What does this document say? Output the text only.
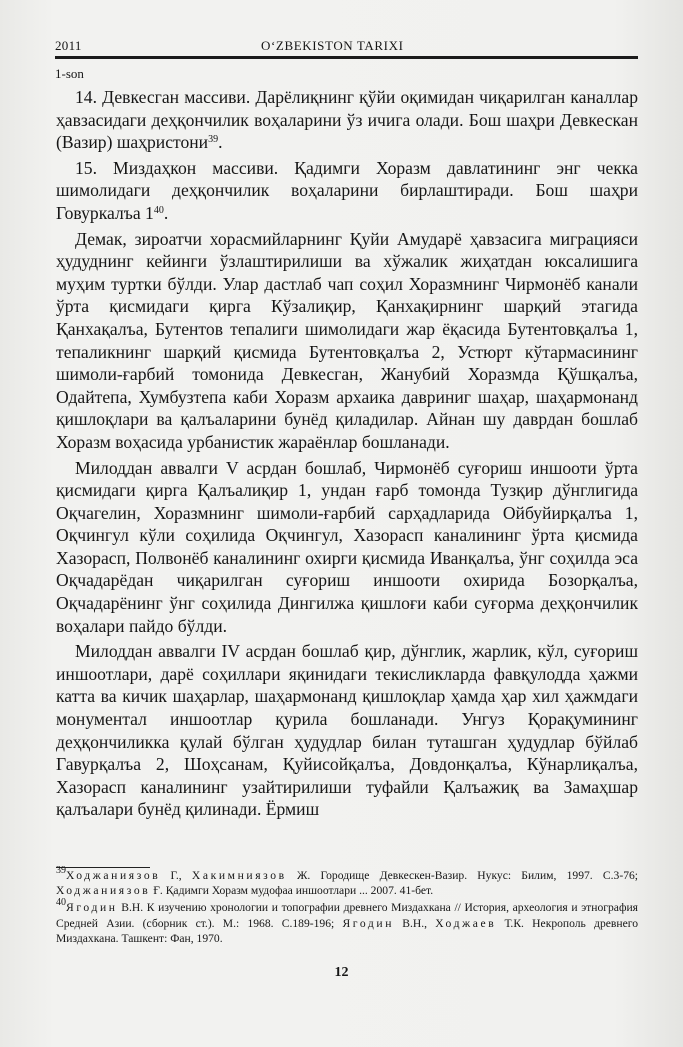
2011	O‘ZBEKISTON TARIXI
1-son

14. Девкесган массиви. Дарёлиқнинг қўйи оқимидан чиқарилган каналлар ҳавзасидаги деҳқончилик воҳаларини ўз ичига олади. Бош шаҳри Девкескан (Вазир) шаҳристони$^{39}$.

15. Миздаҳкон массиви. Қадимги Хоразм давлатининг энг чекка шимолидаги деҳқончилик воҳаларини бирлаштиради. Бош шаҳри Говуркалъа $1^{40}$.

Демак, зироатчи хорасмийларнинг Қуйи Амударё ҳавзасига миграцияси ҳудуднинг кейинги ўзлаштирилиши ва хўжалик жиҳатдан юксалишига муҳим туртки бўлди. Улар дастлаб чап соҳил Хоразмнинг Чирмонёб канали ўрта қисмидаги қирга Кўзалиқир, Қанхақирнинг шарқий этагида Қанхақалъа, Бутентов тепалиги шимолидаги жар ёқасида Бутентовқалъа 1, тепаликнинг шарқий қисмида Бутентовқалъа 2, Устюрт кўтармасининг шимоли-ғарбий томонида Девкесган, Жанубий Хоразмда Қўшқалъа, Одайтепа, Хумбузтепа каби Хоразм архаика давриниг шаҳар, шаҳармонанд қишлоқлари ва қалъаларини бунёд қиладилар. Айнан шу даврдан бошлаб Хоразм воҳасида урбанистик жараёнлар бошланади.

Милоддан аввалги V асрдан бошлаб, Чирмонёб суғориш иншооти ўрта қисмидаги қирга Қалъалиқир 1, ундан ғарб томонда Тузқир дўнглигида Оқчагелин, Хоразмнинг шимоли-ғарбий сарҳадларида Ойбуйирқалъа 1, Оқчингул кўли соҳилида Оқчингул, Хазорасп каналининг ўрта қисмида Хазорасп, Полвонёб каналининг охирги қисмида Иванқалъа, ўнг соҳилда эса Оқчадарёдан чиқарилган суғориш иншооти охирида Бозорқалъа, Оқчадарёнинг ўнг соҳилида Дингилжа қишлоғи каби суғорма деҳқончилик воҳалари пайдо бўлди.

Милоддан аввалги IV асрдан бошлаб қир, дўнглик, жарлик, кўл, суғориш иншоотлари, дарё соҳиллари яқинидаги текисликларда фавқулодда ҳажми катта ва кичик шаҳарлар, шаҳармонанд қишлоқлар ҳамда ҳар хил ҳажмдаги монументал иншоотлар қурила бошланади. Унгуз Қорақумининг деҳқончиликка қулай бўлган ҳудудлар билан туташган ҳудудлар бўйлаб Гавурқалъа 2, Шоҳсанам, Қуйисойқалъа, Довдонқалъа, Кўнарлиқалъа, Хазорасп каналининг узайтирилиши туфайли Қалъажиқ ва Замаҳшар қалъалари бунёд қилинади. Ёрмиш

$^{39}$Ходжаниязов Г., Хакимниязов Ж. Городище Девкескен-Вазир. Нукус: Билим, 1997. С.3-76; Ходжаниязов Ғ. Қадимги Хоразм мудофаа иншоотлари ... 2007. 41-бет.

$^{40}$Ягодин В.Н. К изучению хронологии и топографии древнего Миздахкана // История, археология и этнография Средней Азии. (сборник ст.). М.: 1968. С.189-196; Ягодин В.Н., Ходжаев Т.К. Некрополь древнего Миздахкана. Ташкент: Фан, 1970.

12
